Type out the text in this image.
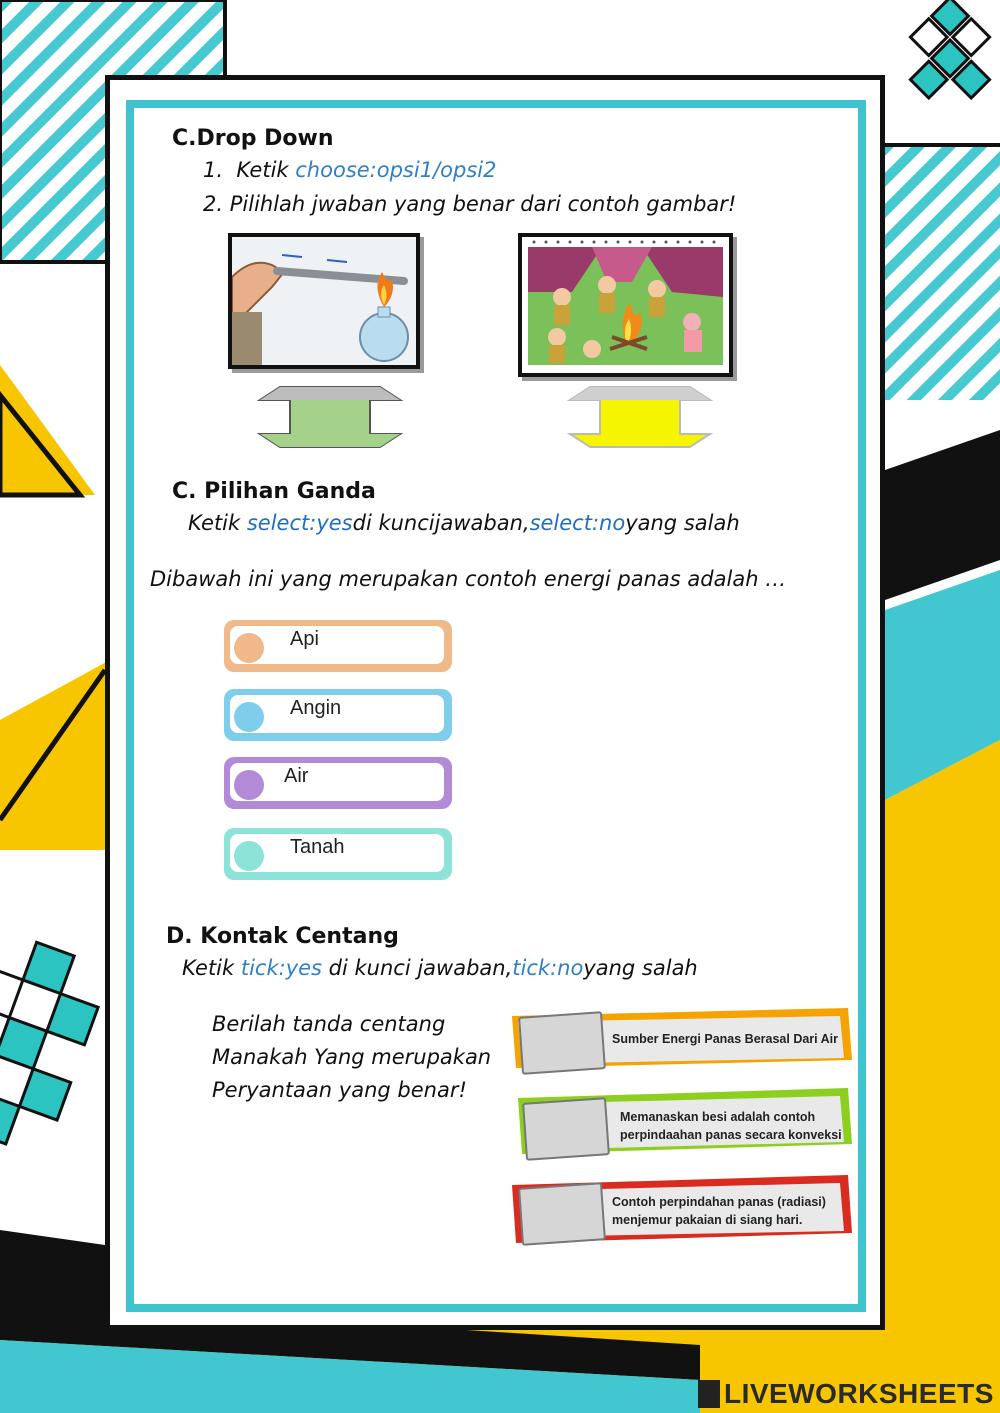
C.Drop Down

1. Ketik choose:opsi1/opsi2

2. Pilihlah jwaban yang benar dari contoh gambar!

C. Pilihan Ganda

Ketik select:yesdi kuncijawaban,select:noyang salah

Dibawah ini yang merupakan contoh energi panas adalah …

Api
Angin
Air
Tanah
D. Kontak Centang

Ketik tick:yes di kunci jawaban,tick:noyang salah

Berilah tanda centang

Manakah Yang merupakan

Peryantaan yang benar!

Sumber Energi Panas Berasal Dari Air
Memanaskan besi adalah contoh perpindaahan panas secara konveksi
Contoh perpindahan panas (radiasi) menjemur pakaian di siang hari.
LIVEWORKSHEETS
